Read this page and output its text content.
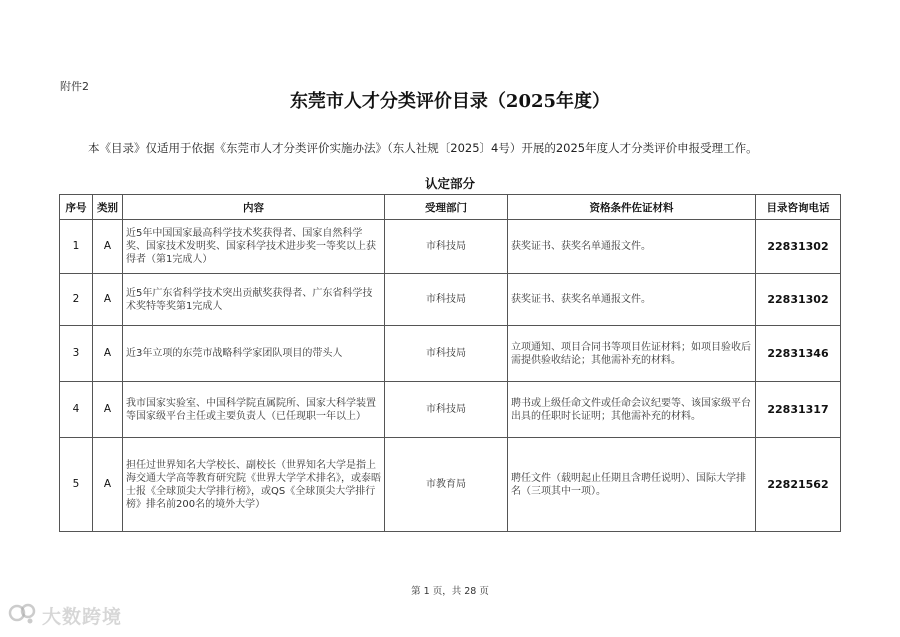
附件2
东莞市人才分类评价目录（2025年度）
本《目录》仅适用于依据《东莞市人才分类评价实施办法》（东人社规〔2025〕4号）开展的2025年度人才分类评价申报受理工作。
认定部分
序号	类别	内容	受理部门	资格条件佐证材料	目录咨询电话
1	A	近5年中国国家最高科学技术奖获得者、国家自然科学奖、国家技术发明奖、国家科学技术进步奖一等奖以上获得者（第1完成人）	市科技局	获奖证书、获奖名单通报文件。	22831302
2	A	近5年广东省科学技术突出贡献奖获得者、广东省科学技术奖特等奖第1完成人	市科技局	获奖证书、获奖名单通报文件。	22831302
3	A	近3年立项的东莞市战略科学家团队项目的带头人	市科技局	立项通知、项目合同书等项目佐证材料；如项目验收后需提供验收结论；其他需补充的材料。	22831346
4	A	我市国家实验室、中国科学院直属院所、国家大科学装置等国家级平台主任或主要负责人（已任现职一年以上）	市科技局	聘书或上级任命文件或任命会议纪要等、该国家级平台出具的任职时长证明；其他需补充的材料。	22831317
5	A	担任过世界知名大学校长、副校长（世界知名大学是指上海交通大学高等教育研究院《世界大学学术排名》，或泰晤士报《全球顶尖大学排行榜》，或QS《全球顶尖大学排行榜》排名前200名的境外大学）	市教育局	聘任文件（载明起止任期且含聘任说明）、国际大学排名（三项其中一项）。	22821562
第 1 页，共 28 页
大数跨境
